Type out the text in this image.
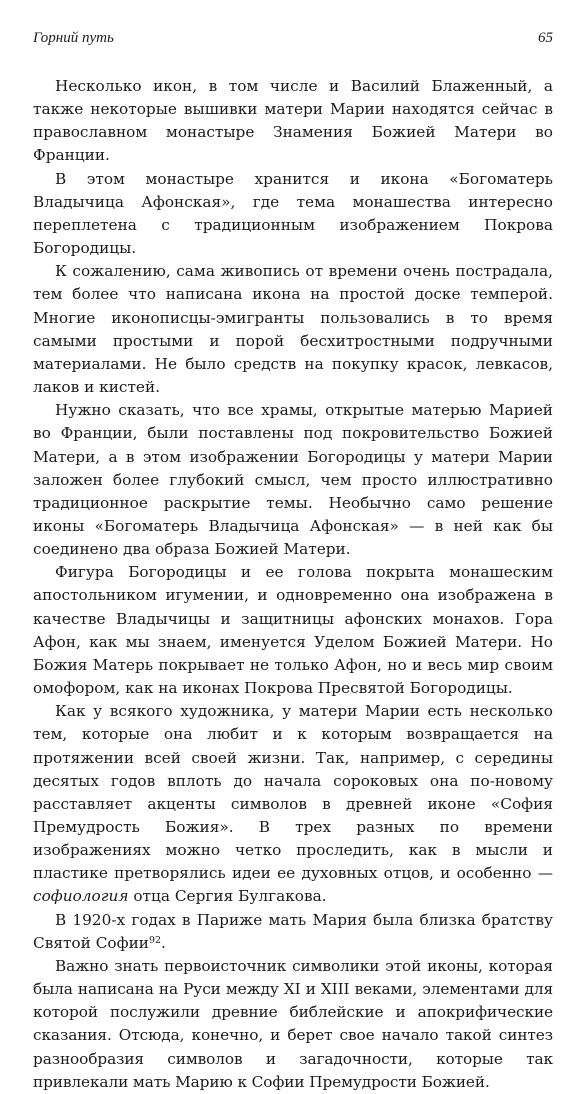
Горний путь	65

Несколько икон, в том числе и Василий Блаженный, а также некоторые вышивки матери Марии находятся сейчас в православном монастыре Знамения Божией Матери во Франции.

В этом монастыре хранится и икона «Богоматерь Владычица Афонская», где тема монашества интересно переплетена с традиционным изображением Покрова Богородицы.

К сожалению, сама живопись от времени очень пострадала, тем более что написана икона на простой доске темперой. Многие иконописцы-эмигранты пользовались в то время самыми простыми и порой бесхитростными подручными материалами. Не было средств на покупку красок, левкасов, лаков и кистей.

Нужно сказать, что все храмы, открытые матерью Марией во Франции, были поставлены под покровительство Божией Матери, а в этом изображении Богородицы у матери Марии заложен более глубокий смысл, чем просто иллюстративно традиционное раскрытие темы. Необычно само решение иконы «Богоматерь Владычица Афонская» — в ней как бы соединено два образа Божией Матери.

Фигура Богородицы и ее голова покрыта монашеским апостольником игумении, и одновременно она изображена в качестве Владычицы и защитницы афонских монахов. Гора Афон, как мы знаем, именуется Уделом Божией Матери. Но Божия Матерь покрывает не только Афон, но и весь мир своим омофором, как на иконах Покрова Пресвятой Богородицы.

Как у всякого художника, у матери Марии есть несколько тем, которые она любит и к которым возвращается на протяжении всей своей жизни. Так, например, с середины десятых годов вплоть до начала сороковых она по-новому расставляет акценты символов в древней иконе «София Премудрость Божия». В трех разных по времени изображениях можно четко проследить, как в мысли и пластике претворялись идеи ее духовных отцов, и особенно — софиология отца Сергия Булгакова.

В 1920-х годах в Париже мать Мария была близка братству Святой Софии$^{92}$.

Важно знать первоисточник символики этой иконы, которая была написана на Руси между XI и XIII веками, элементами для которой послужили древние библейские и апокрифические сказания. Отсюда, конечно, и берет свое начало такой синтез разнообразия символов и загадочности, которые так привлекали мать Марию к Софии Премудрости Божией.
